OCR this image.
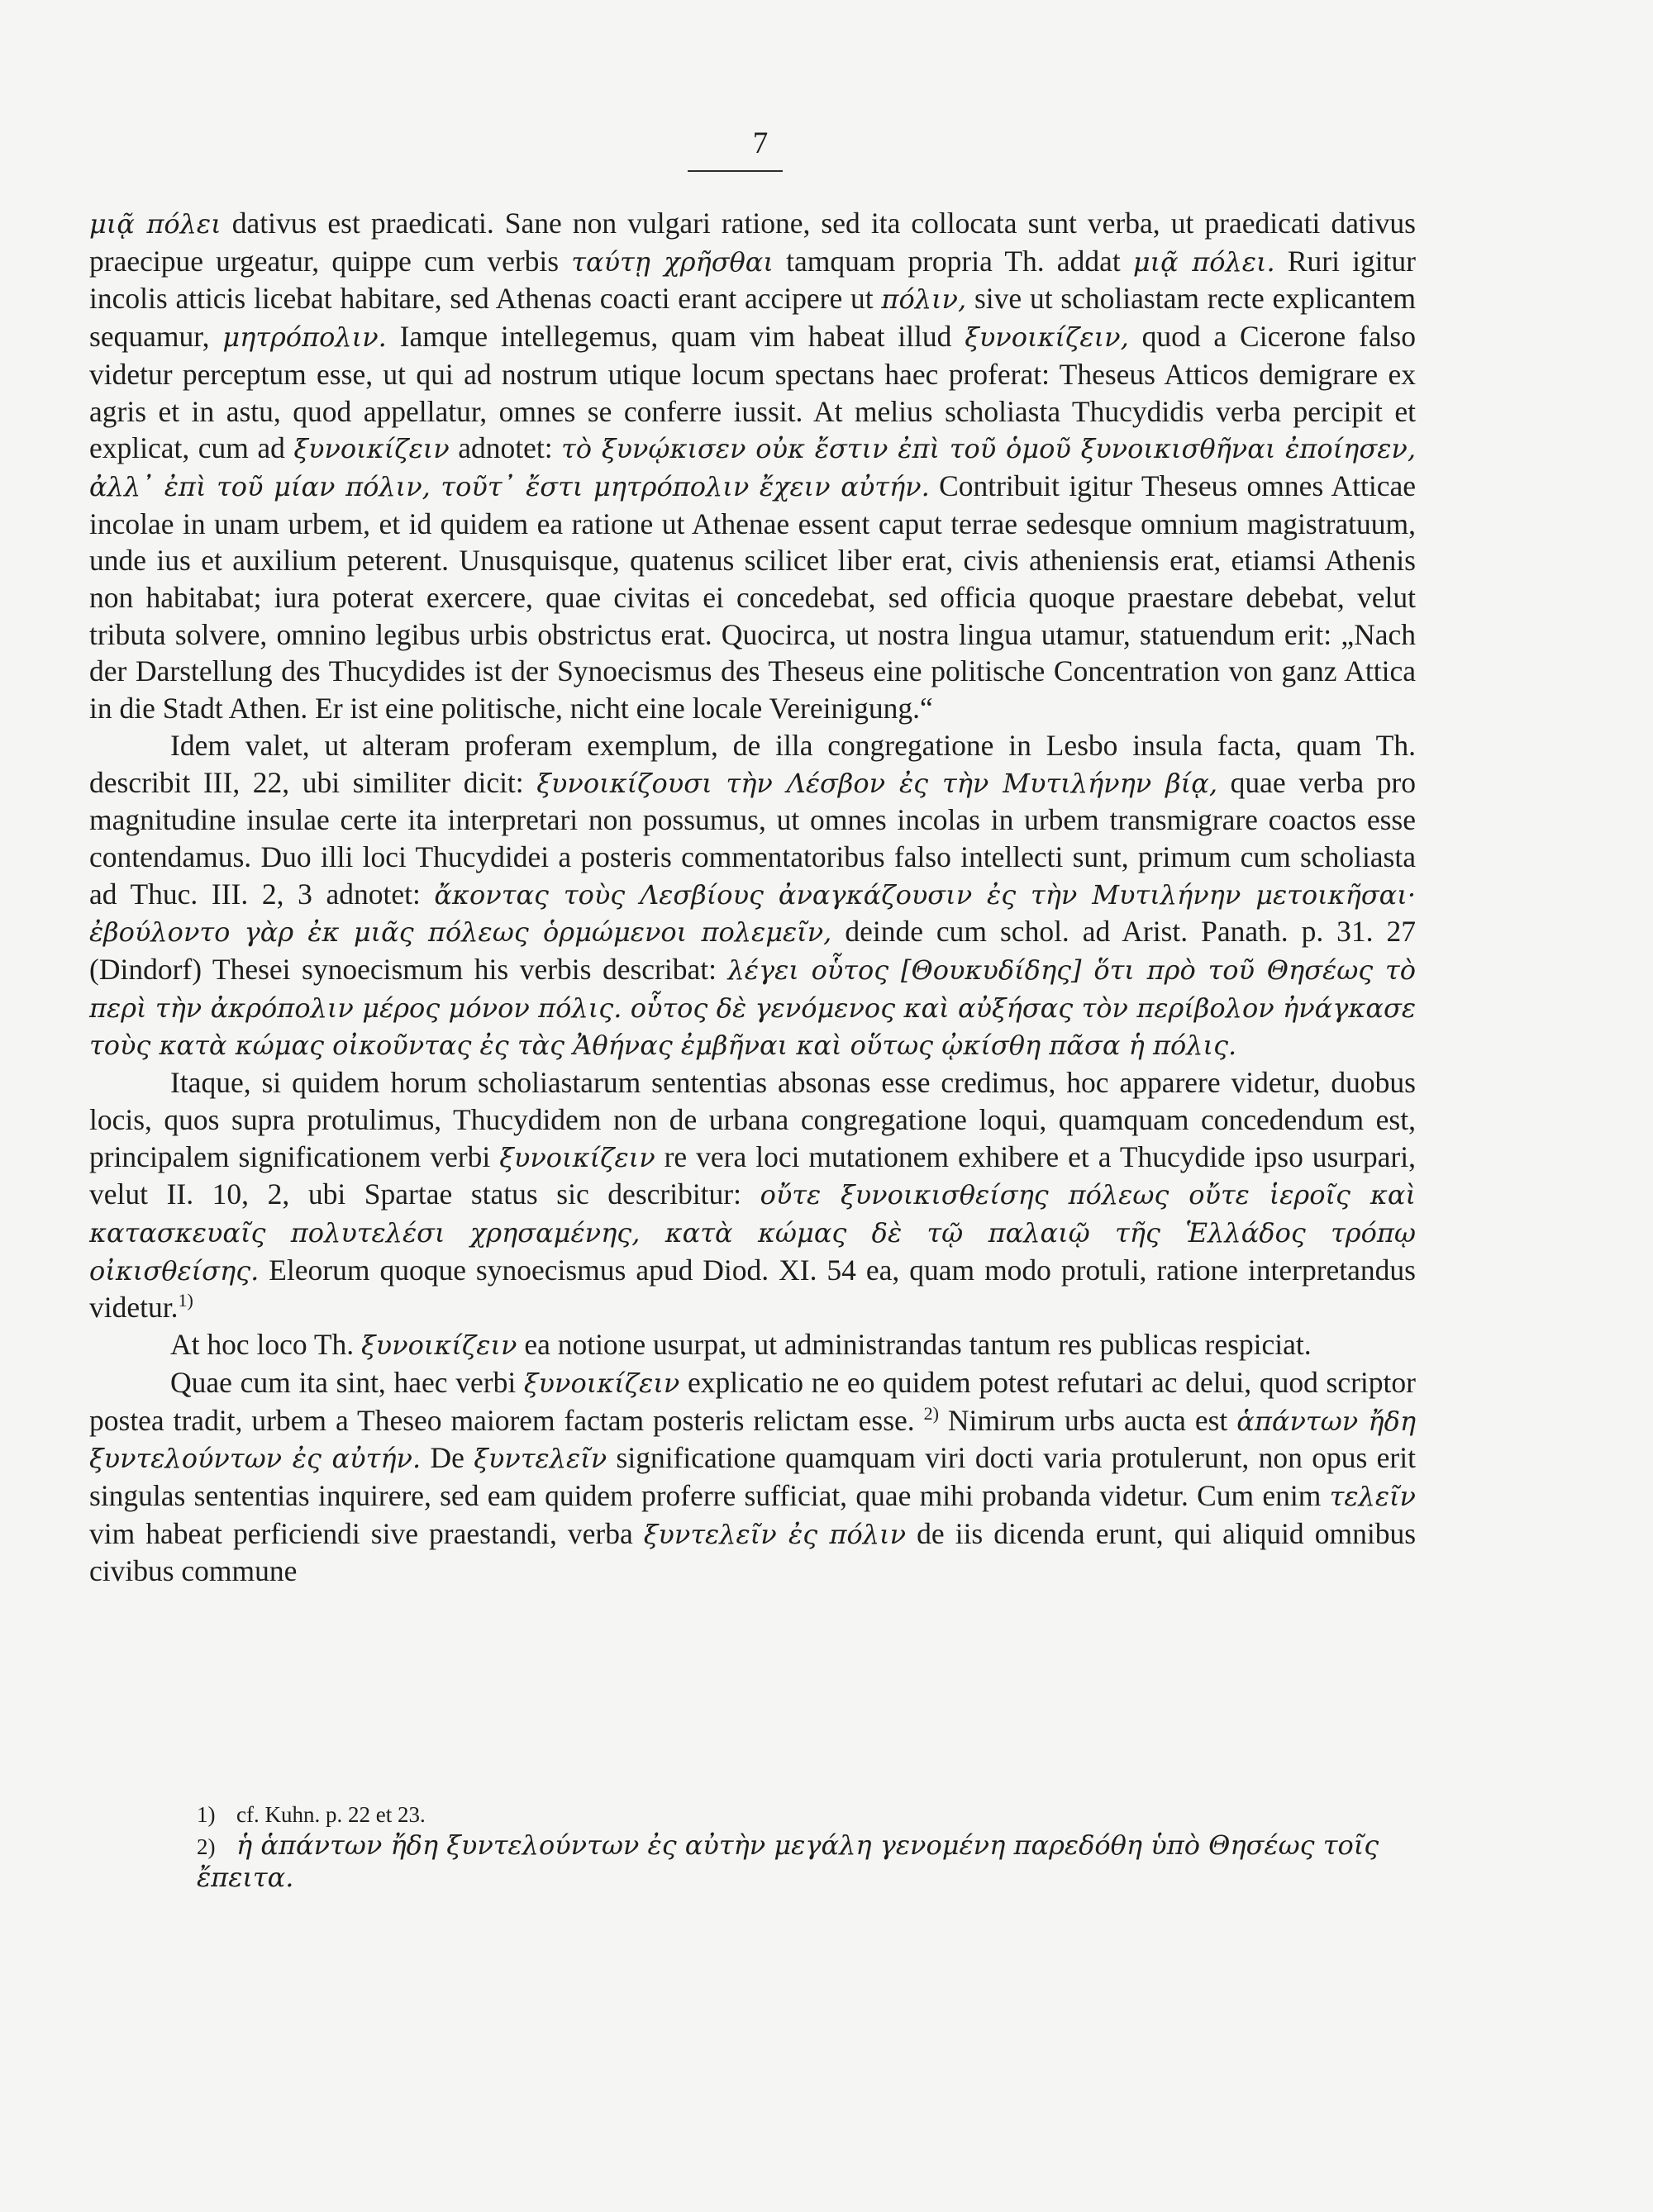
7

μιᾷ πόλει dativus est praedicati. Sane non vulgari ratione, sed ita collocata sunt verba, ut praedicati dativus praecipue urgeatur, quippe cum verbis ταύτῃ χρῆσθαι tamquam propria Th. addat μιᾷ πόλει. Ruri igitur incolis atticis licebat habitare, sed Athenas coacti erant accipere ut πόλιν, sive ut scholiastam recte explicantem sequamur, μητρόπολιν. Iamque intellegemus, quam vim habeat illud ξυνοικίζειν, quod a Cicerone falso videtur perceptum esse, ut qui ad nostrum utique locum spectans haec proferat: Theseus Atticos demigrare ex agris et in astu, quod appellatur, omnes se conferre iussit. At melius scholiasta Thucydidis verba percipit et explicat, cum ad ξυνοικίζειν adnotet: τὸ ξυνῴκισεν οὐκ ἔστιν ἐπὶ τοῦ ὁμοῦ ξυνοικισθῆναι ἐποίησεν, ἀλλ᾽ ἐπὶ τοῦ μίαν πόλιν, τοῦτ᾽ ἔστι μητρόπολιν ἔχειν αὐτήν. Contribuit igitur Theseus omnes Atticae incolae in unam urbem, et id quidem ea ratione ut Athenae essent caput terrae sedesque omnium magistratuum, unde ius et auxilium peterent. Unusquisque, quatenus scilicet liber erat, civis atheniensis erat, etiamsi Athenis non habitabat; iura poterat exercere, quae civitas ei concedebat, sed officia quoque praestare debebat, velut tributa solvere, omnino legibus urbis obstrictus erat. Quocirca, ut nostra lingua utamur, statuendum erit: „Nach der Darstellung des Thucydides ist der Synoecismus des Theseus eine politische Concentration von ganz Attica in die Stadt Athen. Er ist eine politische, nicht eine locale Vereinigung.“

Idem valet, ut alteram proferam exemplum, de illa congregatione in Lesbo insula facta, quam Th. describit III, 22, ubi similiter dicit: ξυνοικίζουσι τὴν Λέσβον ἐς τὴν Μυτιλήνην βίᾳ, quae verba pro magnitudine insulae certe ita interpretari non possumus, ut omnes incolas in urbem transmigrare coactos esse contendamus. Duo illi loci Thucydidei a posteris commentatoribus falso intellecti sunt, primum cum scholiasta ad Thuc. III. 2, 3 adnotet: ἄκοντας τοὺς Λεσβίους ἀναγκάζουσιν ἐς τὴν Μυτιλήνην μετοικῆσαι· ἐβούλοντο γὰρ ἐκ μιᾶς πόλεως ὁρμώμενοι πολεμεῖν, deinde cum schol. ad Arist. Panath. p. 31. 27 (Dindorf) Thesei synoecismum his verbis describat: λέγει οὗτος [Θουκυδίδης] ὅτι πρὸ τοῦ Θησέως τὸ περὶ τὴν ἀκρόπολιν μέρος μόνον πόλις. οὗτος δὲ γενόμενος καὶ αὐξήσας τὸν περίβολον ἠνάγκασε τοὺς κατὰ κώμας οἰκοῦντας ἐς τὰς Ἀθήνας ἐμβῆναι καὶ οὕτως ᾠκίσθη πᾶσα ἡ πόλις.

Itaque, si quidem horum scholiastarum sententias absonas esse credimus, hoc apparere videtur, duobus locis, quos supra protulimus, Thucydidem non de urbana congregatione loqui, quamquam concedendum est, principalem significationem verbi ξυνοικίζειν re vera loci mutationem exhibere et a Thucydide ipso usurpari, velut II. 10, 2, ubi Spartae status sic describitur: οὔτε ξυνοικισθείσης πόλεως οὔτε ἱεροῖς καὶ κατασκευαῖς πολυτελέσι χρησαμένης, κατὰ κώμας δὲ τῷ παλαιῷ τῆς Ἑλλάδος τρόπῳ οἰκισθείσης. Eleorum quoque synoecismus apud Diod. XI. 54 ea, quam modo protuli, ratione interpretandus videtur.$^{1)}$

At hoc loco Th. ξυνοικίζειν ea notione usurpat, ut administrandas tantum res publicas respiciat.

Quae cum ita sint, haec verbi ξυνοικίζειν explicatio ne eo quidem potest refutari ac delui, quod scriptor postea tradit, urbem a Theseo maiorem factam posteris relictam esse. $^{2)}$ Nimirum urbs aucta est ἁπάντων ἤδη ξυντελούντων ἐς αὐτήν. De ξυντελεῖν significatione quamquam viri docti varia protulerunt, non opus erit singulas sententias inquirere, sed eam quidem proferre sufficiat, quae mihi probanda videtur. Cum enim τελεῖν vim habeat perficiendi sive praestandi, verba ξυντελεῖν ἐς πόλιν de iis dicenda erunt, qui aliquid omnibus civibus commune

1) cf. Kuhn. p. 22 et 23.

2) ἡ ἁπάντων ἤδη ξυντελούντων ἐς αὐτὴν μεγάλη γενομένη παρεδόθη ὑπὸ Θησέως τοῖς ἔπειτα.
